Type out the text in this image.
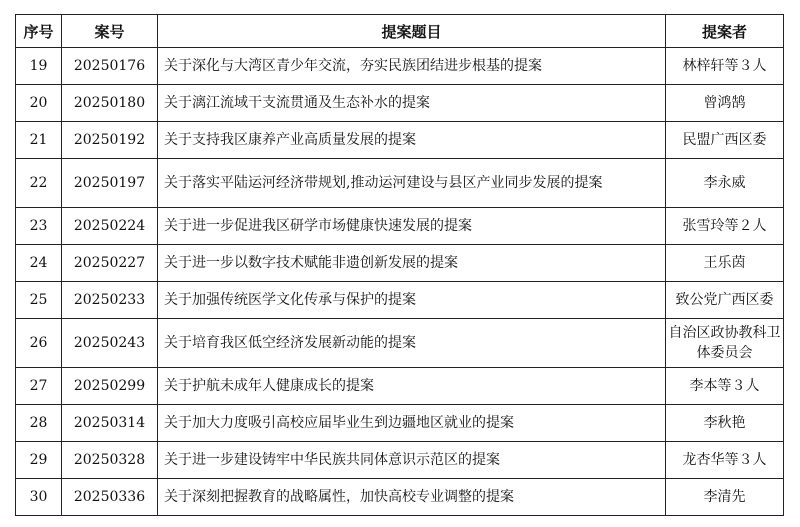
序号	案号	提案题目	提案者
19	20250176	关于深化与大湾区青少年交流，夯实民族团结进步根基的提案	林梓轩等３人
20	20250180	关于漓江流域干支流贯通及生态补水的提案	曾鸿鹄
21	20250192	关于支持我区康养产业高质量发展的提案	民盟广西区委
22	20250197	关于落实平陆运河经济带规划,推动运河建设与县区产业同步发展的提案	李永威
23	20250224	关于进一步促进我区研学市场健康快速发展的提案	张雪玲等２人
24	20250227	关于进一步以数字技术赋能非遗创新发展的提案	王乐茵
25	20250233	关于加强传统医学文化传承与保护的提案	致公党广西区委
26	20250243	关于培育我区低空经济发展新动能的提案	自治区政协教科卫体委员会
27	20250299	关于护航未成年人健康成长的提案	李本等３人
28	20250314	关于加大力度吸引高校应届毕业生到边疆地区就业的提案	李秋艳
29	20250328	关于进一步建设铸牢中华民族共同体意识示范区的提案	龙杏华等３人
30	20250336	关于深刻把握教育的战略属性，加快高校专业调整的提案	李清先
